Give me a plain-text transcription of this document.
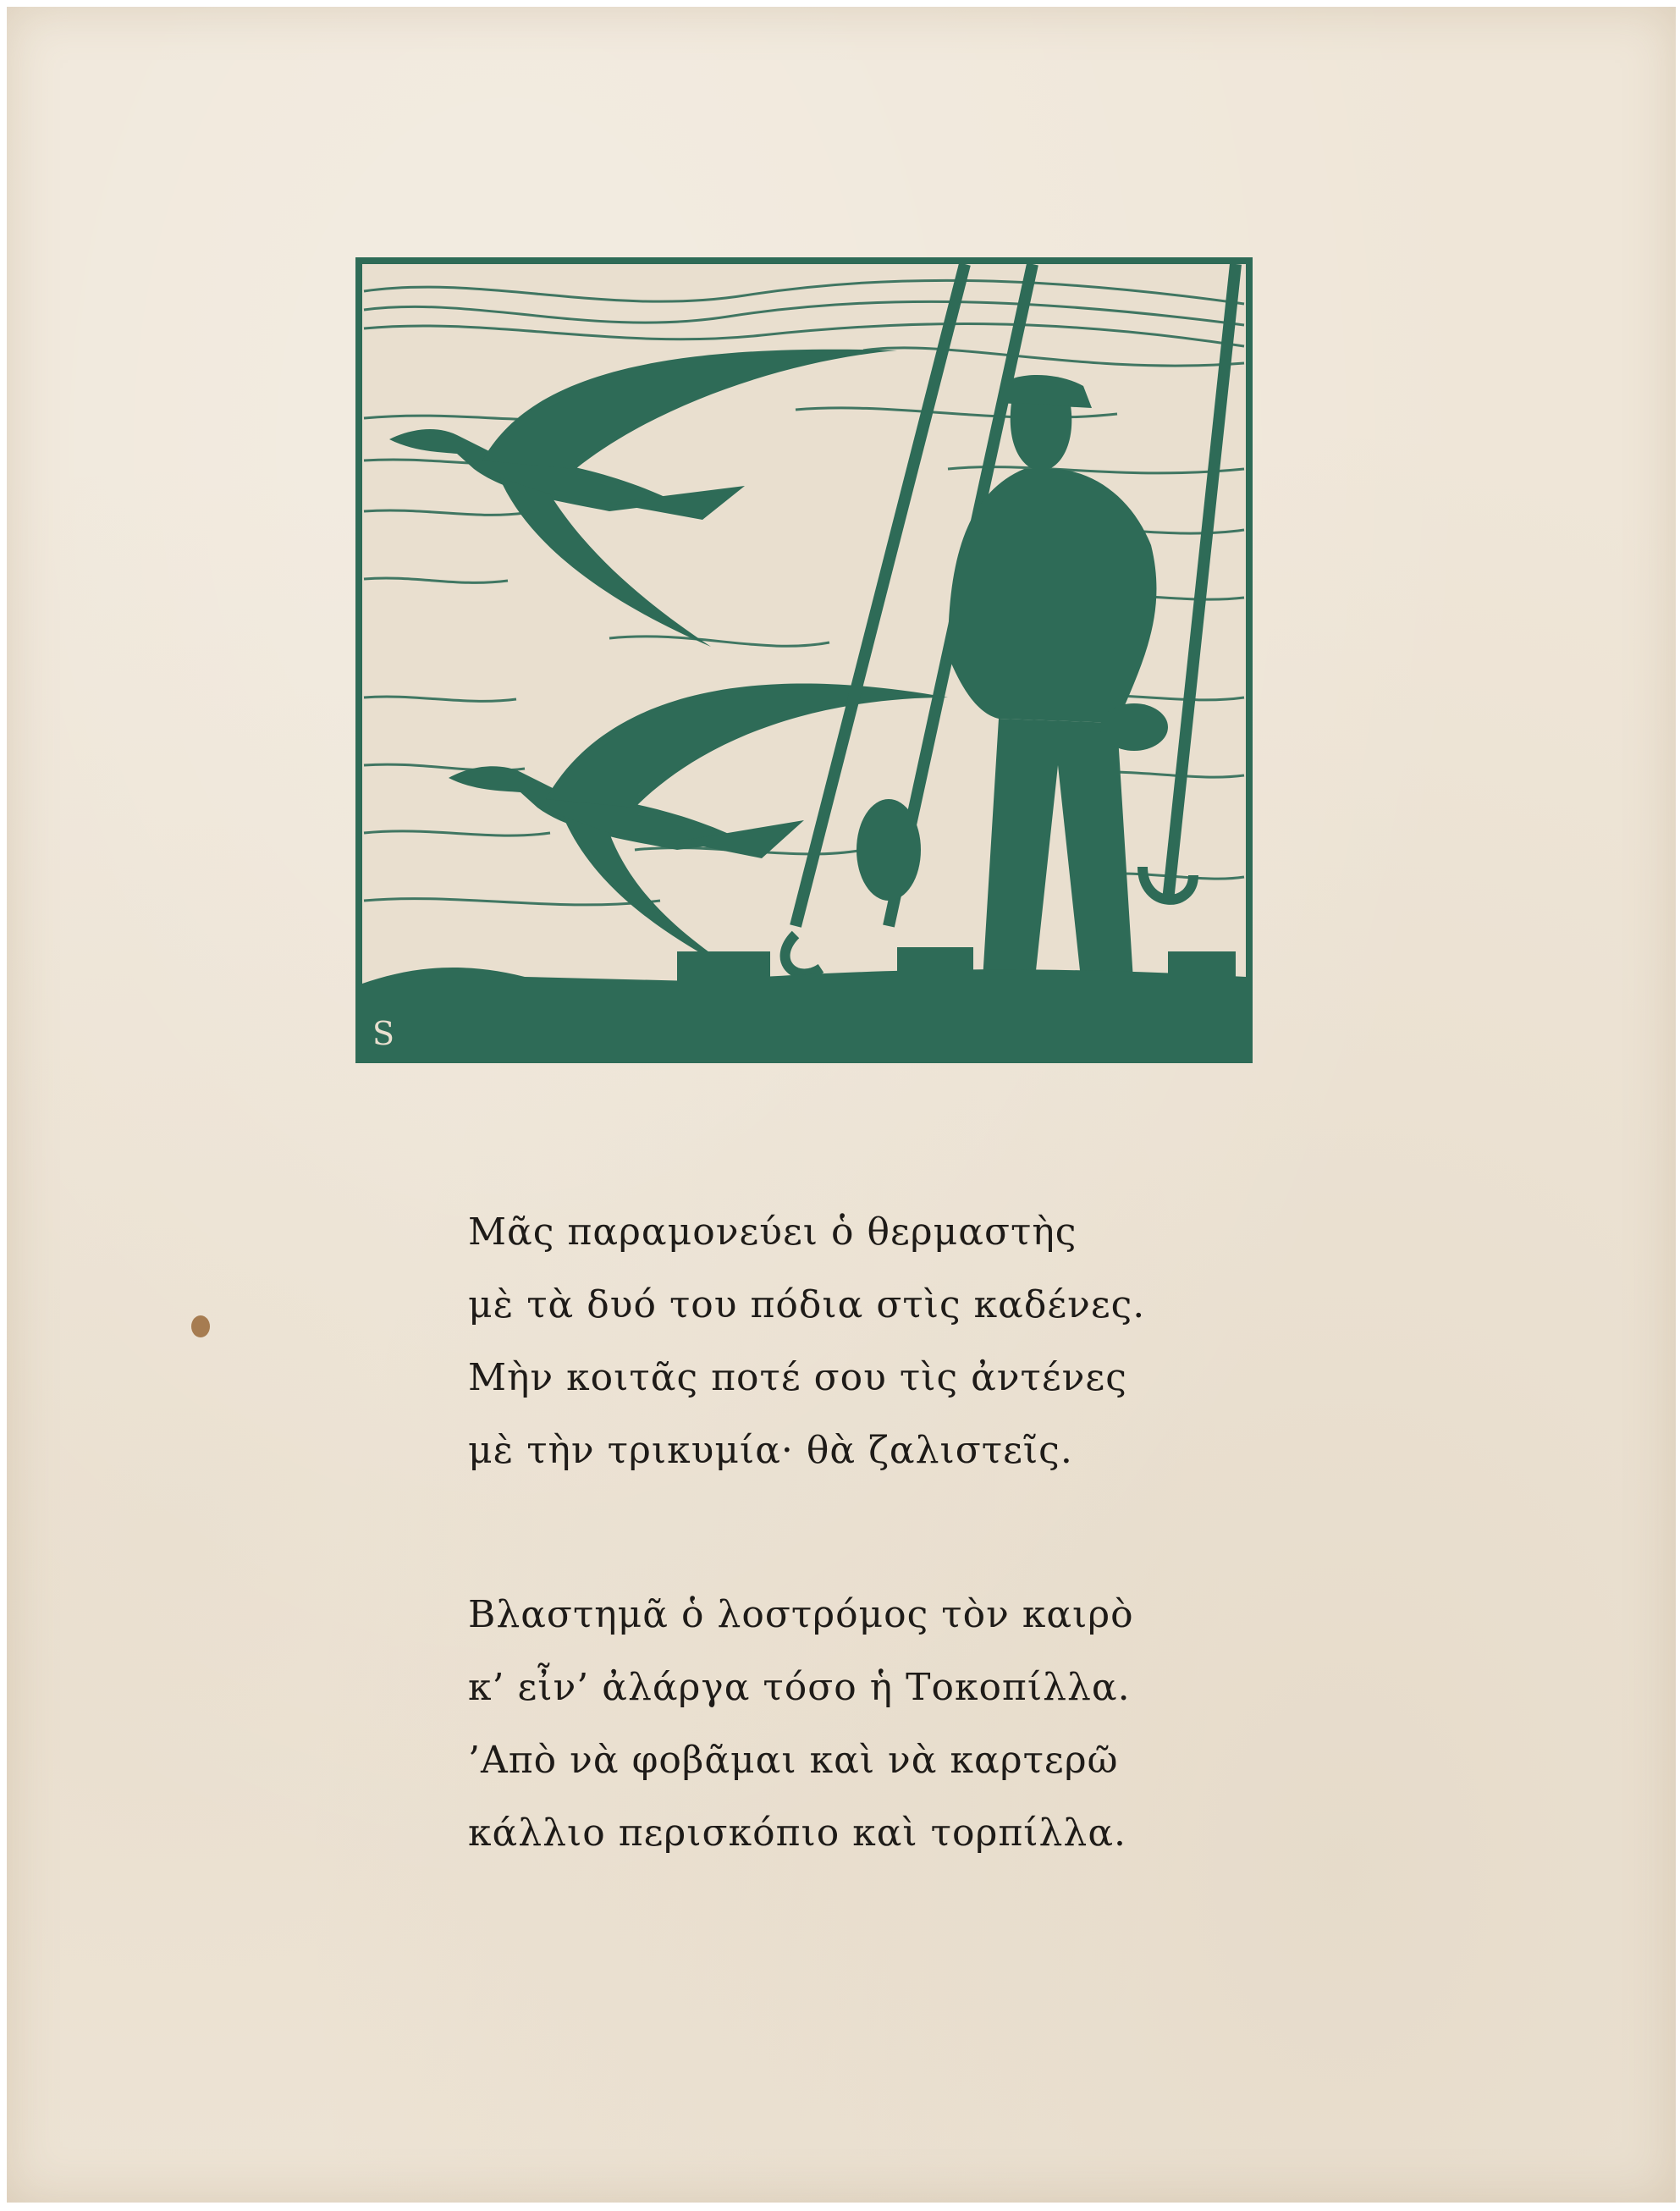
S
Μᾶς παραμονεύει ὁ θερμαστὴς
μὲ τὰ δυό του πόδια στὶς καδένες.
Μὴν κοιτᾶς ποτέ σου τὶς ἀντένες
μὲ τὴν τρικυμία· θὰ ζαλιστεῖς.
Βλαστημᾶ ὁ λοστρόμος τὸν καιρὸ
κ’ εἶν’ ἀλάργα τόσο ἡ Τοκοπίλλα.
’Απὸ νὰ φοβᾶμαι καὶ νὰ καρτερῶ
κάλλιο περισκόπιο καὶ τορπίλλα.
